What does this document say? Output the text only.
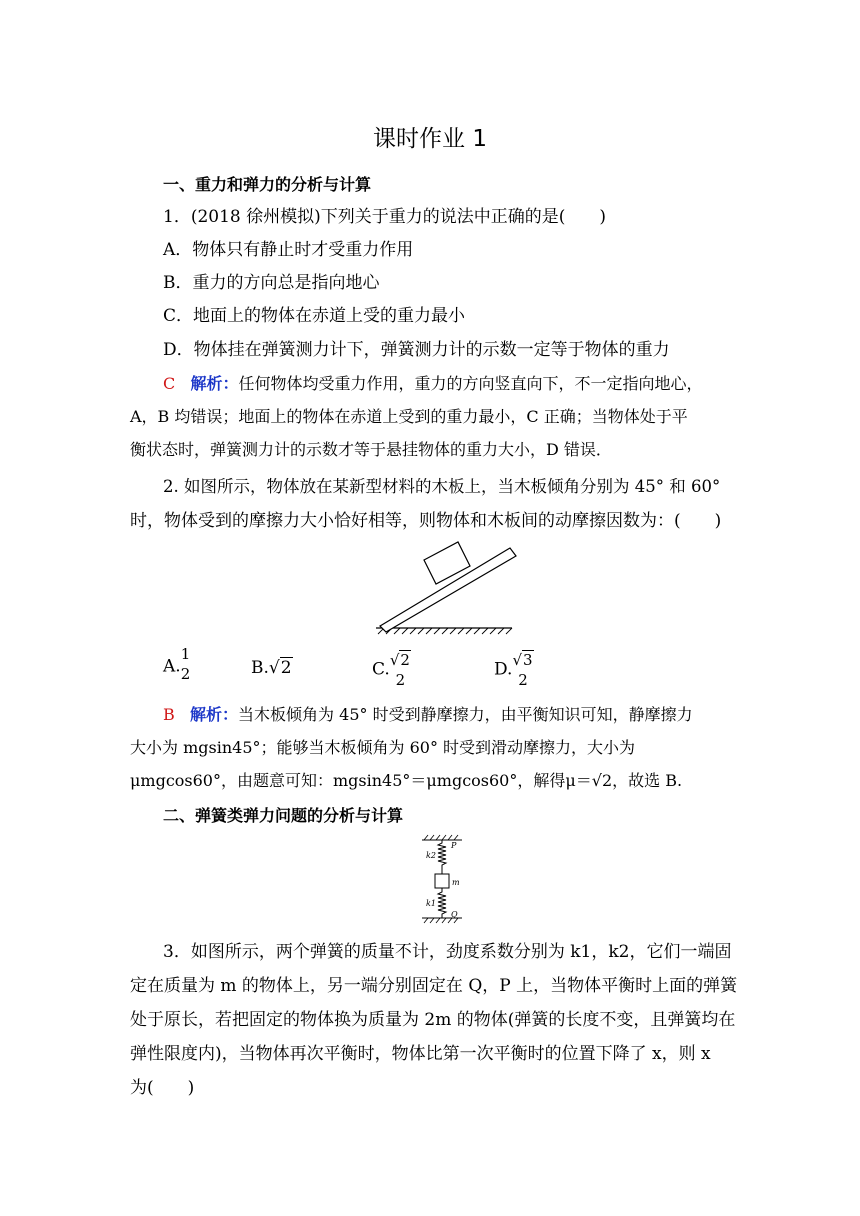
课时作业 1
一、重力和弹力的分析与计算
1．(2018 徐州模拟)下列关于重力的说法中正确的是(　　)
A．物体只有静止时才受重力作用
B．重力的方向总是指向地心
C．地面上的物体在赤道上受的重力最小
D．物体挂在弹簧测力计下，弹簧测力计的示数一定等于物体的重力
C 解析：任何物体均受重力作用，重力的方向竖直向下，不一定指向地心，
A，B 均错误；地面上的物体在赤道上受到的重力最小，C 正确；当物体处于平
衡状态时，弹簧测力计的示数才等于悬挂物体的重力大小，D 错误．
2. 如图所示，物体放在某新型材料的木板上，当木板倾角分别为 45° 和 60°
时，物体受到的摩擦力大小恰好相等，则物体和木板间的动摩擦因数为：(　　)
A.
1
2	B.√2	C. √2
2
D. √3
2
B 解析：当木板倾角为 45° 时受到静摩擦力，由平衡知识可知，静摩擦力
大小为 mgsin45°；能够当木板倾角为 60° 时受到滑动摩擦力，大小为
μmgcos60°，由题意可知：mgsin45°＝μmgcos60°，解得μ＝√2，故选 B.
二、弹簧类弹力问题的分析与计算
k2
P
m
k1
Q
3．如图所示，两个弹簧的质量不计，劲度系数分别为 k1，k2，它们一端固
定在质量为 m 的物体上，另一端分别固定在 Q，P 上，当物体平衡时上面的弹簧
处于原长，若把固定的物体换为质量为 2m 的物体(弹簧的长度不变，且弹簧均在
弹性限度内)，当物体再次平衡时，物体比第一次平衡时的位置下降了 x，则 x
为(　　)
